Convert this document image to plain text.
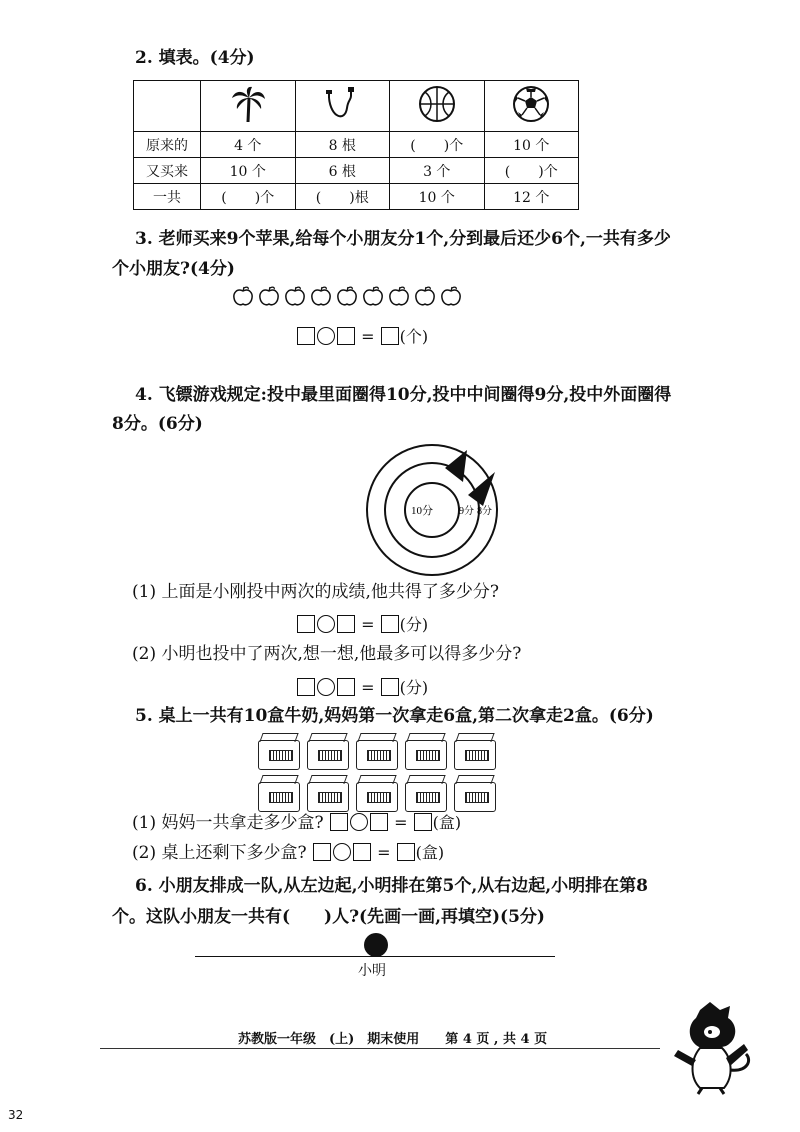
2. 填表。(4分)

原来的	4 个	8 根	(　　)个	10 个
又买来	10 个	6 根	3 个	(　　)个
一共	(　　)个	(　　)根	10 个	12 个
3. 老师买来9个苹果,给每个小朋友分1个,分到最后还少6个,一共有多少
个小朋友?(4分)
= (个)
4. 飞镖游戏规定:投中最里面圈得10分,投中中间圈得9分,投中外面圈得
8分。(6分)
10分	9分 8分
(1) 上面是小刚投中两次的成绩,他共得了多少分?
= (分)
(2) 小明也投中了两次,想一想,他最多可以得多少分?
= (分)
5. 桌上一共有10盒牛奶,妈妈第一次拿走6盒,第二次拿走2盒。(6分)
(1) 妈妈一共拿走多少盒?	= (盒)
(2) 桌上还剩下多少盒?	= (盒)
6. 小朋友排成一队,从左边起,小明排在第5个,从右边起,小明排在第8
个。这队小朋友一共有(　　)人?(先画一画,再填空)(5分)
小明
苏教版一年级　(上)　期末使用　　第 4 页 , 共 4 页
32
